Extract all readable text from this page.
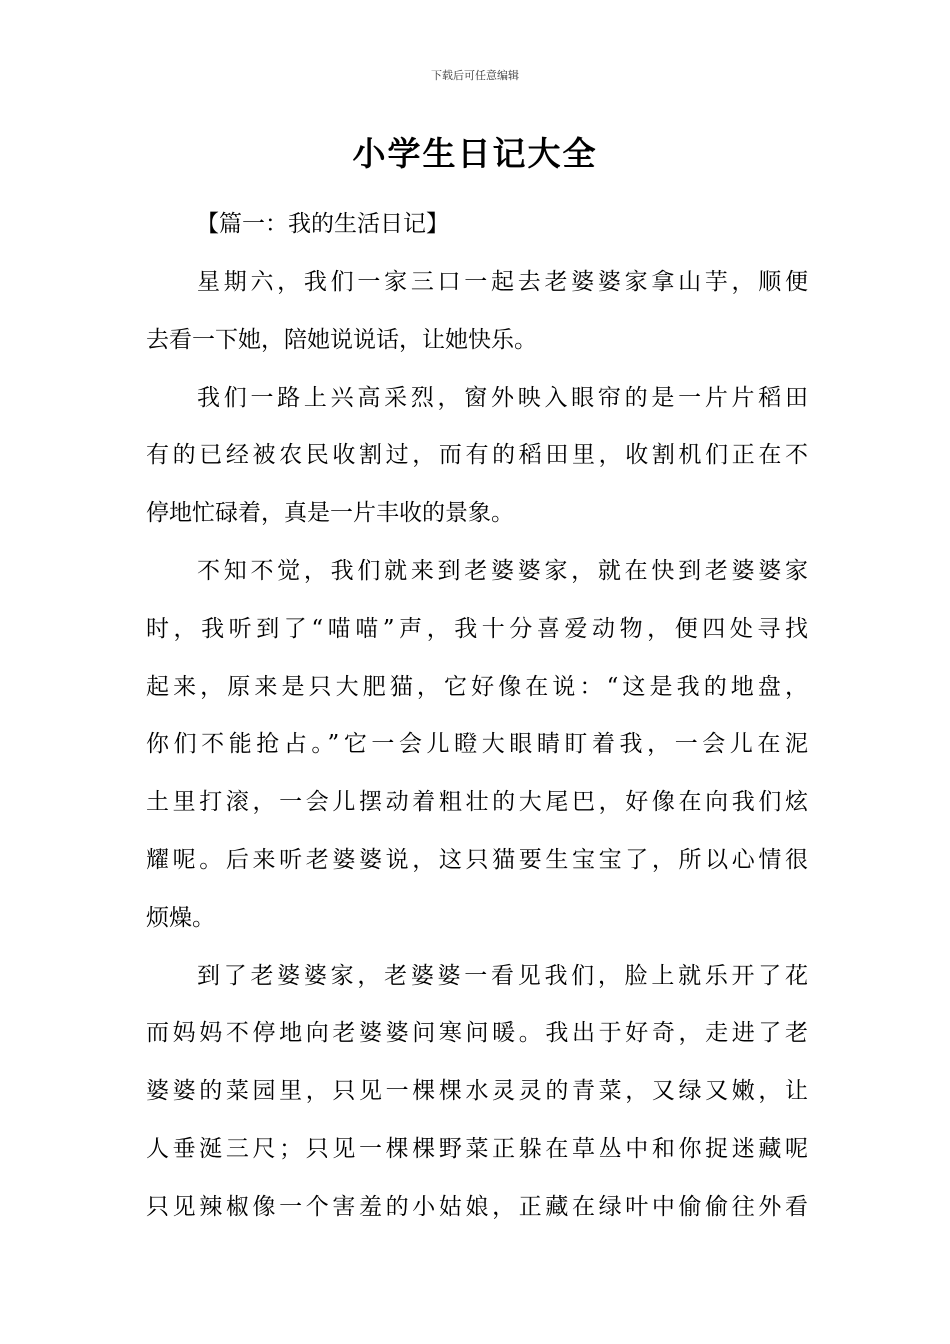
下载后可任意编辑
小学生日记大全
【篇一：我的生活日记】
星期六，我们一家三口一起去老婆婆家拿山芋，顺便
去看一下她，陪她说说话，让她快乐。
我们一路上兴高采烈，窗外映入眼帘的是一片片稻田
有的已经被农民收割过，而有的稻田里，收割机们正在不
停地忙碌着，真是一片丰收的景象。
不知不觉，我们就来到老婆婆家，就在快到老婆婆家
时，我听到了“喵喵”声，我十分喜爱动物，便四处寻找
起来，原来是只大肥猫，它好像在说：“这是我的地盘，
你们不能抢占。”它一会儿瞪大眼睛盯着我，一会儿在泥
土里打滚，一会儿摆动着粗壮的大尾巴，好像在向我们炫
耀呢。后来听老婆婆说，这只猫要生宝宝了，所以心情很
烦燥。
到了老婆婆家，老婆婆一看见我们，脸上就乐开了花
而妈妈不停地向老婆婆问寒问暖。我出于好奇，走进了老
婆婆的菜园里，只见一棵棵水灵灵的青菜，又绿又嫩，让
人垂涎三尺；只见一棵棵野菜正躲在草丛中和你捉迷藏呢
只见辣椒像一个害羞的小姑娘，正藏在绿叶中偷偷往外看
